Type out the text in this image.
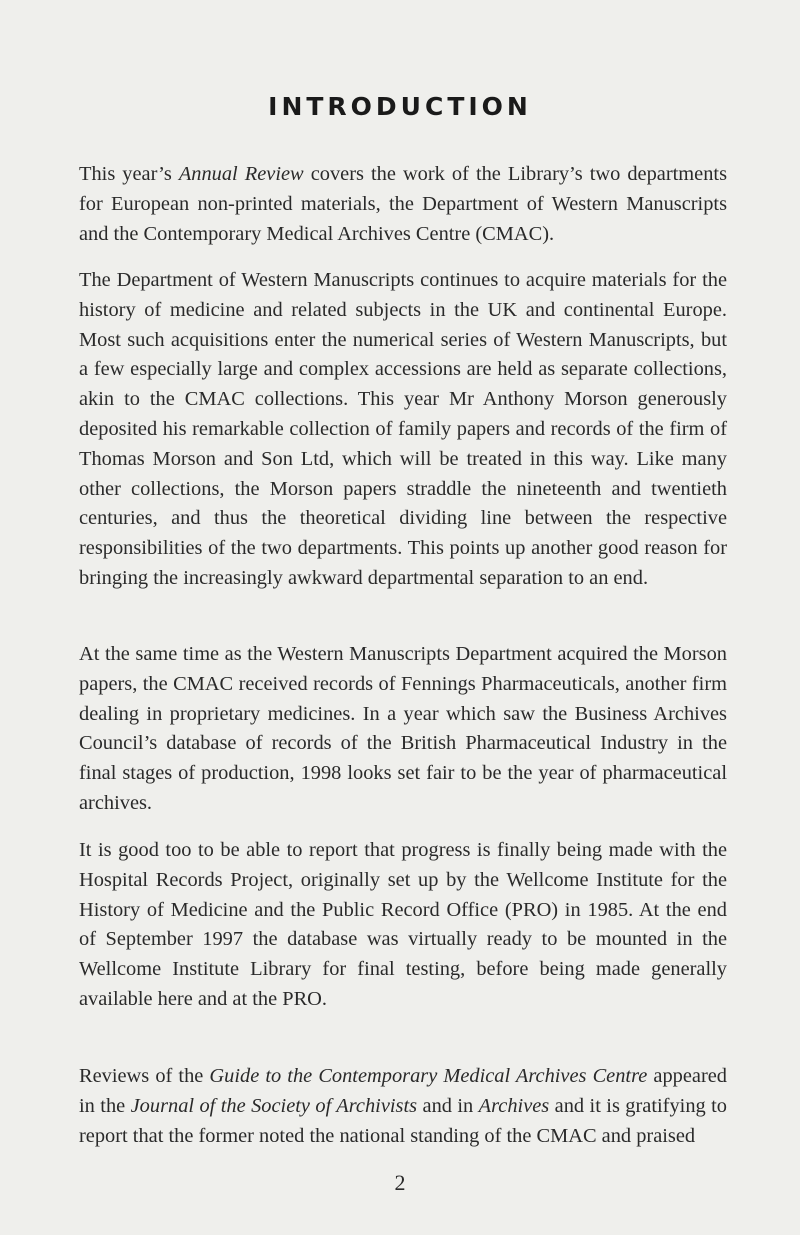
INTRODUCTION

This year’s Annual Review covers the work of the Library’s two departments for European non-printed materials, the Department of Western Manuscripts and the Contemporary Medical Archives Centre (CMAC).

The Department of Western Manuscripts continues to acquire materials for the history of medicine and related subjects in the UK and continental Europe. Most such acquisitions enter the numerical series of Western Manuscripts, but a few especially large and complex accessions are held as separate collections, akin to the CMAC collections. This year Mr Anthony Morson generously deposited his remarkable collection of family papers and records of the firm of Thomas Morson and Son Ltd, which will be treated in this way. Like many other collections, the Morson papers straddle the nineteenth and twentieth centuries, and thus the theoretical dividing line between the respective responsibilities of the two departments. This points up another good reason for bringing the increasingly awkward departmental separation to an end.

At the same time as the Western Manuscripts Department acquired the Morson papers, the CMAC received records of Fennings Pharmaceuticals, another firm dealing in proprietary medicines. In a year which saw the Business Archives Council’s database of records of the British Pharmaceutical Industry in the final stages of production, 1998 looks set fair to be the year of pharmaceutical archives.

It is good too to be able to report that progress is finally being made with the Hospital Records Project, originally set up by the Wellcome Institute for the History of Medicine and the Public Record Office (PRO) in 1985. At the end of September 1997 the database was virtually ready to be mounted in the Wellcome Institute Library for final testing, before being made generally available here and at the PRO.

Reviews of the Guide to the Contemporary Medical Archives Centre appeared in the Journal of the Society of Archivists and in Archives and it is gratifying to report that the former noted the national standing of the CMAC and praised

2
